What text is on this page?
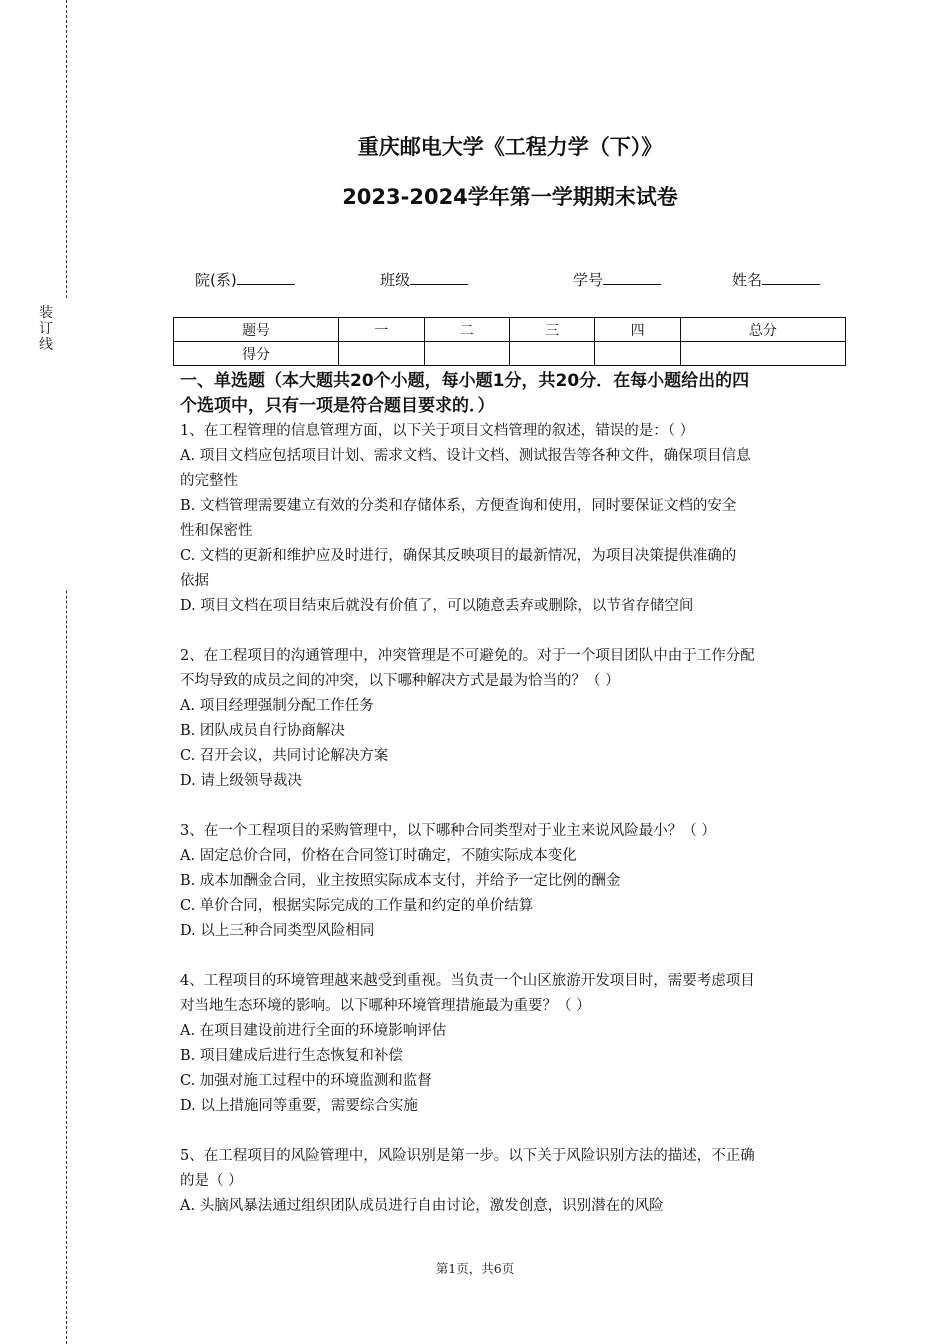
装
订
线
重庆邮电大学《工程力学（下）》
2023-2024学年第一学期期末试卷
院(系)	班级	学号	姓名
题号	一	二	三	四	总分
得分					

一、单选题（本大题共20个小题，每小题1分，共20分．在每小题给出的四

个选项中，只有一项是符合题目要求的．）

1、在工程管理的信息管理方面，以下关于项目文档管理的叙述，错误的是：（ ）

A. 项目文档应包括项目计划、需求文档、设计文档、测试报告等各种文件，确保项目信息

的完整性

B. 文档管理需要建立有效的分类和存储体系，方便查询和使用，同时要保证文档的安全

性和保密性

C. 文档的更新和维护应及时进行，确保其反映项目的最新情况，为项目决策提供准确的

依据

D. 项目文档在项目结束后就没有价值了，可以随意丢弃或删除，以节省存储空间

2、在工程项目的沟通管理中，冲突管理是不可避免的。对于一个项目团队中由于工作分配

不均导致的成员之间的冲突，以下哪种解决方式是最为恰当的？（ ）

A. 项目经理强制分配工作任务

B. 团队成员自行协商解决

C. 召开会议，共同讨论解决方案

D. 请上级领导裁决

3、在一个工程项目的采购管理中，以下哪种合同类型对于业主来说风险最小？（ ）

A. 固定总价合同，价格在合同签订时确定，不随实际成本变化

B. 成本加酬金合同，业主按照实际成本支付，并给予一定比例的酬金

C. 单价合同，根据实际完成的工作量和约定的单价结算

D. 以上三种合同类型风险相同

4、工程项目的环境管理越来越受到重视。当负责一个山区旅游开发项目时，需要考虑项目

对当地生态环境的影响。以下哪种环境管理措施最为重要？（ ）

A. 在项目建设前进行全面的环境影响评估

B. 项目建成后进行生态恢复和补偿

C. 加强对施工过程中的环境监测和监督

D. 以上措施同等重要，需要综合实施

5、在工程项目的风险管理中，风险识别是第一步。以下关于风险识别方法的描述，不正确

的是（ ）

A. 头脑风暴法通过组织团队成员进行自由讨论，激发创意，识别潜在的风险

第1页，共6页
